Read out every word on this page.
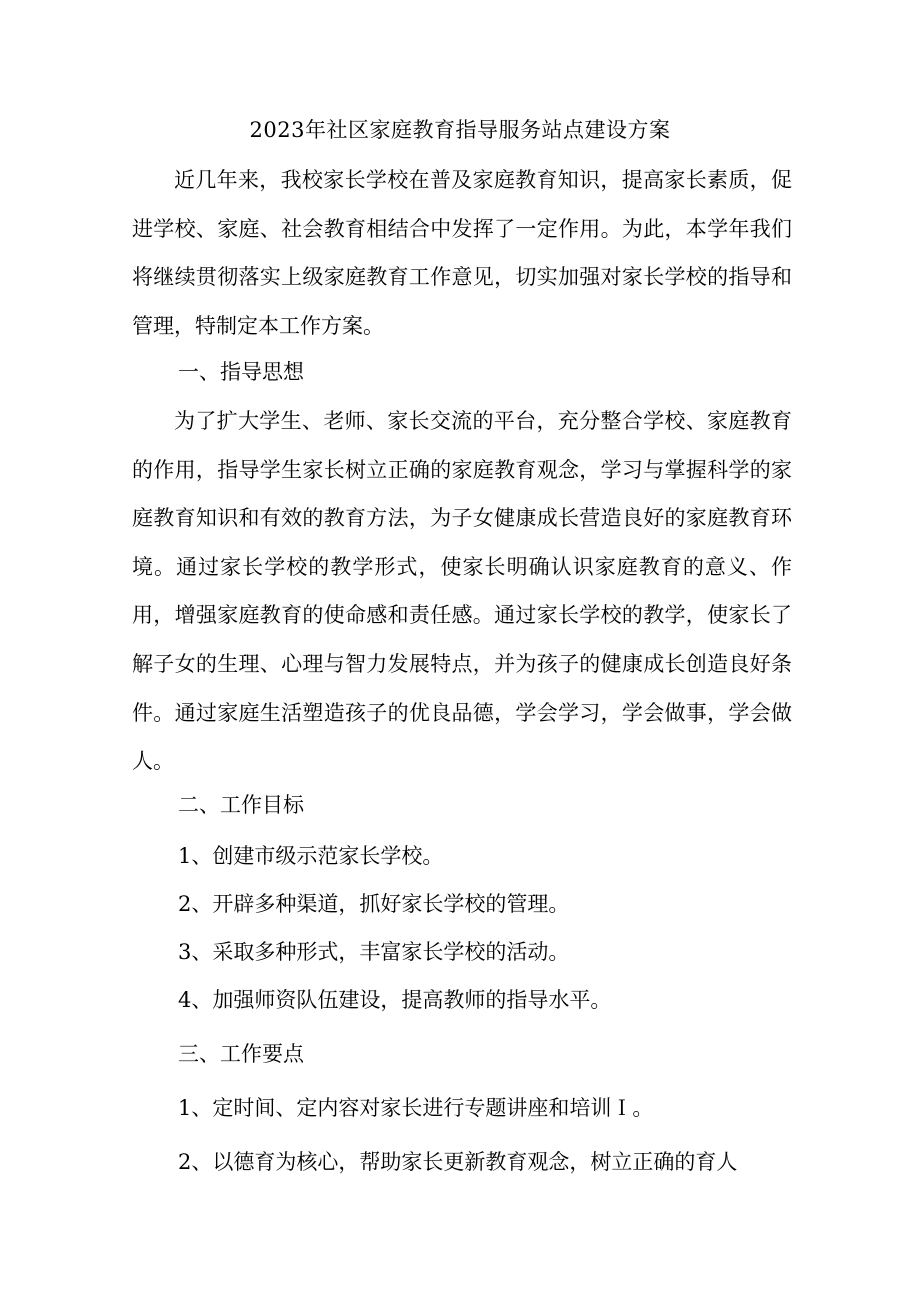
2023年社区家庭教育指导服务站点建设方案

近几年来，我校家长学校在普及家庭教育知识，提高家长素质，促进学校、家庭、社会教育相结合中发挥了一定作用。为此，本学年我们将继续贯彻落实上级家庭教育工作意见，切实加强对家长学校的指导和管理，特制定本工作方案。

一、指导思想

为了扩大学生、老师、家长交流的平台，充分整合学校、家庭教育的作用，指导学生家长树立正确的家庭教育观念，学习与掌握科学的家庭教育知识和有效的教育方法，为子女健康成长营造良好的家庭教育环境。通过家长学校的教学形式，使家长明确认识家庭教育的意义、作用，增强家庭教育的使命感和责任感。通过家长学校的教学，使家长了解子女的生理、心理与智力发展特点，并为孩子的健康成长创造良好条件。通过家庭生活塑造孩子的优良品德，学会学习，学会做事，学会做人。

二、工作目标
1、创建市级示范家长学校。
2、开辟多种渠道，抓好家长学校的管理。
3、采取多种形式，丰富家长学校的活动。
4、加强师资队伍建设，提高教师的指导水平。
三、工作要点
1、定时间、定内容对家长进行专题讲座和培训Ｉ。
2、以德育为核心，帮助家长更新教育观念，树立正确的育人
